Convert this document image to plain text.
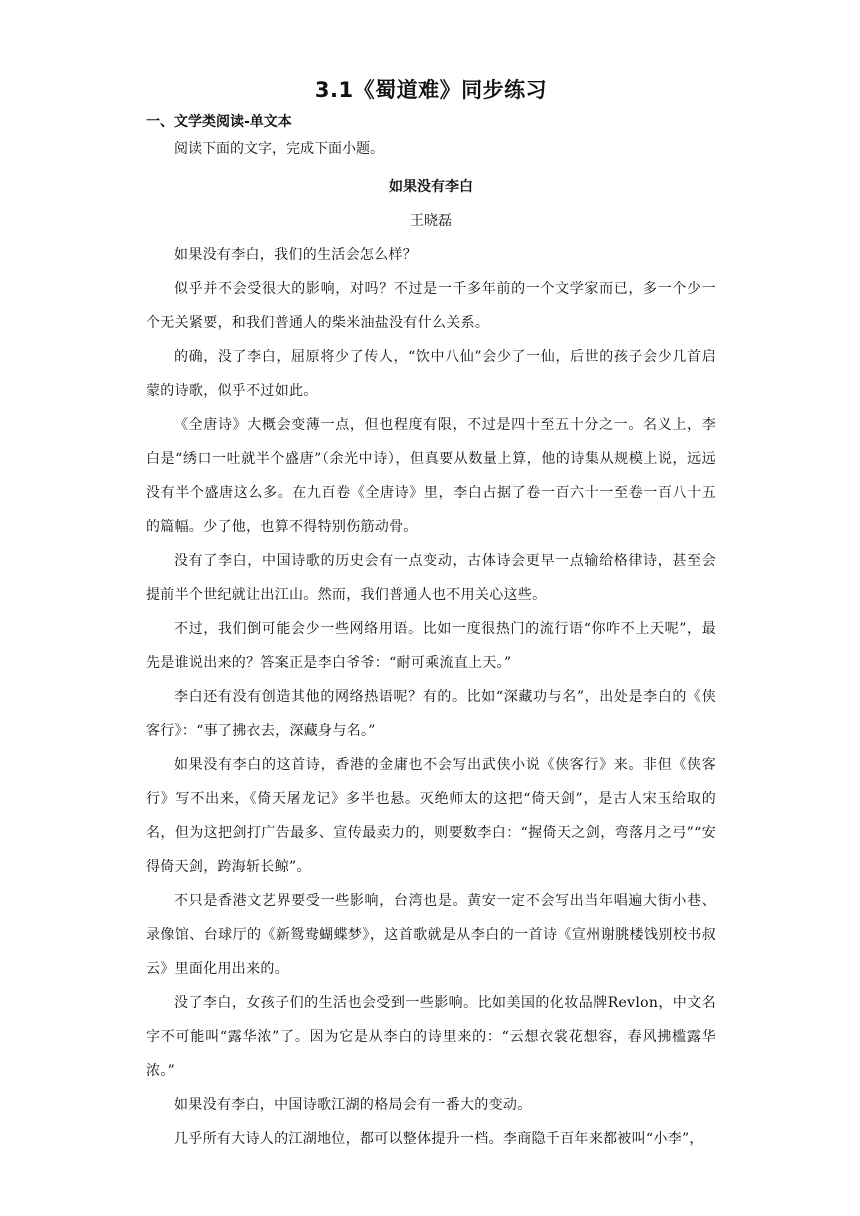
3.1《蜀道难》同步练习
一、文学类阅读-单文本

阅读下面的文字，完成下面小题。

如果没有李白
王晓磊

如果没有李白，我们的生活会怎么样？

似乎并不会受很大的影响，对吗？不过是一千多年前的一个文学家而已，多一个少一个无关紧要，和我们普通人的柴米油盐没有什么关系。

的确，没了李白，屈原将少了传人，“饮中八仙”会少了一仙，后世的孩子会少几首启蒙的诗歌，似乎不过如此。

《全唐诗》大概会变薄一点，但也程度有限，不过是四十至五十分之一。名义上，李白是“绣口一吐就半个盛唐”（余光中诗），但真要从数量上算，他的诗集从规模上说，远远没有半个盛唐这么多。在九百卷《全唐诗》里，李白占据了卷一百六十一至卷一百八十五的篇幅。少了他，也算不得特别伤筋动骨。

没有了李白，中国诗歌的历史会有一点变动，古体诗会更早一点输给格律诗，甚至会提前半个世纪就让出江山。然而，我们普通人也不用关心这些。

不过，我们倒可能会少一些网络用语。比如一度很热门的流行语“你咋不上天呢”，最先是谁说出来的？答案正是李白爷爷：“耐可乘流直上天。”

李白还有没有创造其他的网络热语呢？有的。比如“深藏功与名”，出处是李白的《侠客行》：“事了拂衣去，深藏身与名。”

如果没有李白的这首诗，香港的金庸也不会写出武侠小说《侠客行》来。非但《侠客行》写不出来，《倚天屠龙记》多半也悬。灭绝师太的这把“倚天剑”，是古人宋玉给取的名，但为这把剑打广告最多、宣传最卖力的，则要数李白：“握倚天之剑，弯落月之弓”“安得倚天剑，跨海斩长鲸”。

不只是香港文艺界要受一些影响，台湾也是。黄安一定不会写出当年唱遍大街小巷、录像馆、台球厅的《新鸳鸯蝴蝶梦》，这首歌就是从李白的一首诗《宣州谢朓楼饯别校书叔云》里面化用出来的。

没了李白，女孩子们的生活也会受到一些影响。比如美国的化妆品牌Revlon，中文名字不可能叫“露华浓”了。因为它是从李白的诗里来的：“云想衣裳花想容，春风拂槛露华浓。”

如果没有李白，中国诗歌江湖的格局会有一番大的变动。

几乎所有大诗人的江湖地位，都可以整体提升一档。李商隐千百年来都被叫“小李”，
